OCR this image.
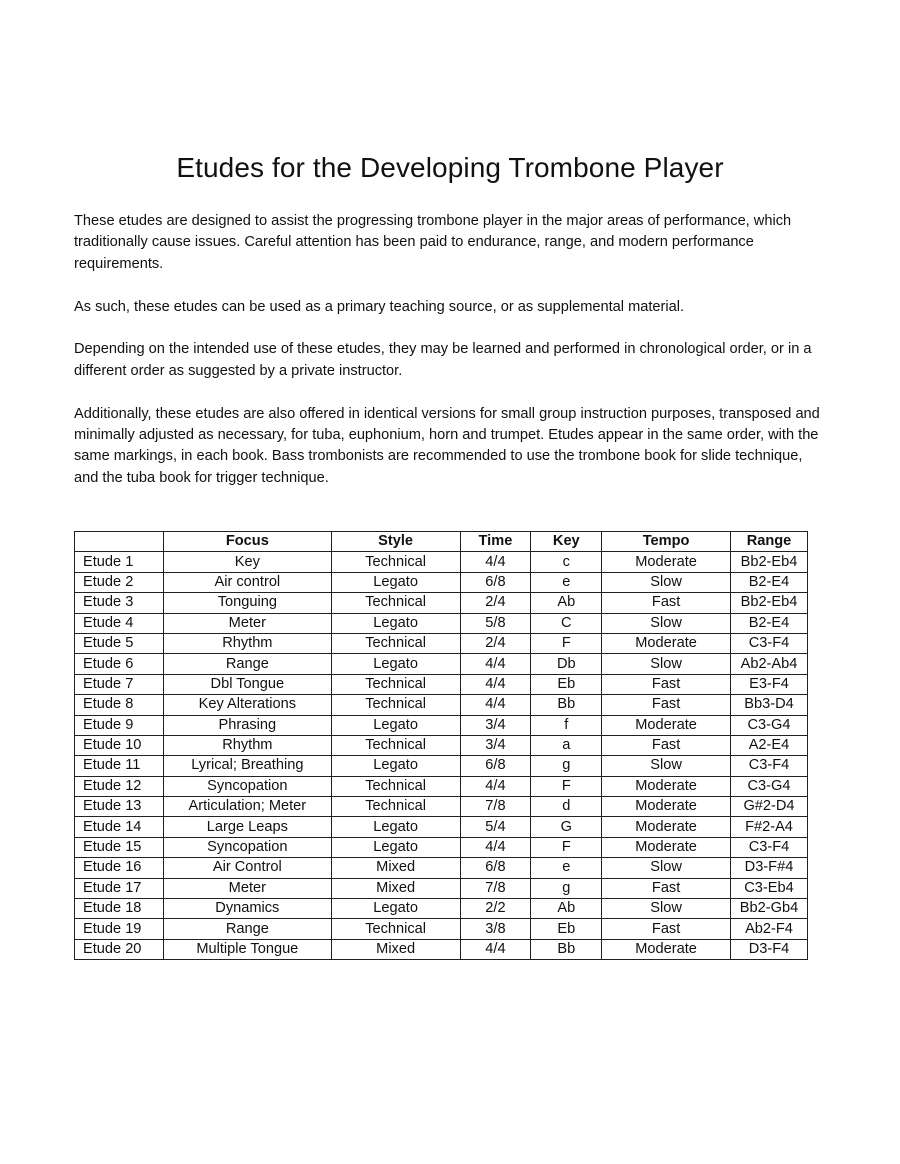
Etudes for the Developing Trombone Player

These etudes are designed to assist the progressing trombone player in the major areas of performance, which traditionally cause issues. Careful attention has been paid to endurance, range, and modern performance requirements.

As such, these etudes can be used as a primary teaching source, or as supplemental material.

Depending on the intended use of these etudes, they may be learned and performed in chronological order, or in a different order as suggested by a private instructor.

Additionally, these etudes are also offered in identical versions for small group instruction purposes, transposed and minimally adjusted as necessary, for tuba, euphonium, horn and trumpet. Etudes appear in the same order, with the same markings, in each book. Bass trombonists are recommended to use the trombone book for slide technique, and the tuba book for trigger technique.

	Focus	Style	Time	Key	Tempo	Range
Etude 1	Key	Technical	4/4	c	Moderate	Bb2-Eb4
Etude 2	Air control	Legato	6/8	e	Slow	B2-E4
Etude 3	Tonguing	Technical	2/4	Ab	Fast	Bb2-Eb4
Etude 4	Meter	Legato	5/8	C	Slow	B2-E4
Etude 5	Rhythm	Technical	2/4	F	Moderate	C3-F4
Etude 6	Range	Legato	4/4	Db	Slow	Ab2-Ab4
Etude 7	Dbl Tongue	Technical	4/4	Eb	Fast	E3-F4
Etude 8	Key Alterations	Technical	4/4	Bb	Fast	Bb3-D4
Etude 9	Phrasing	Legato	3/4	f	Moderate	C3-G4
Etude 10	Rhythm	Technical	3/4	a	Fast	A2-E4
Etude 11	Lyrical; Breathing	Legato	6/8	g	Slow	C3-F4
Etude 12	Syncopation	Technical	4/4	F	Moderate	C3-G4
Etude 13	Articulation; Meter	Technical	7/8	d	Moderate	G#2-D4
Etude 14	Large Leaps	Legato	5/4	G	Moderate	F#2-A4
Etude 15	Syncopation	Legato	4/4	F	Moderate	C3-F4
Etude 16	Air Control	Mixed	6/8	e	Slow	D3-F#4
Etude 17	Meter	Mixed	7/8	g	Fast	C3-Eb4
Etude 18	Dynamics	Legato	2/2	Ab	Slow	Bb2-Gb4
Etude 19	Range	Technical	3/8	Eb	Fast	Ab2-F4
Etude 20	Multiple Tongue	Mixed	4/4	Bb	Moderate	D3-F4
